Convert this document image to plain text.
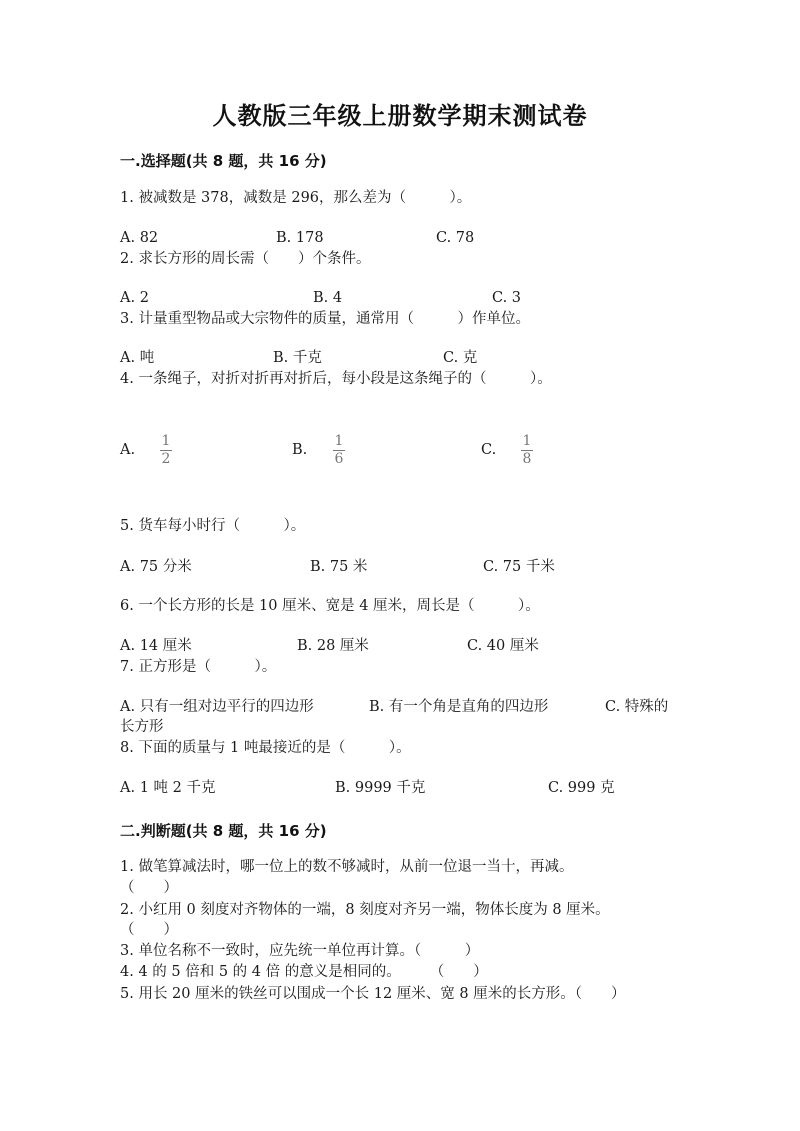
人教版三年级上册数学期末测试卷
一.选择题(共 8 题，共 16 分)
1. 被减数是 378，减数是 296，那么差为（　　　）。
A. 82	B. 178	C. 78
2. 求长方形的周长需（　　）个条件。
A. 2	B. 4	C. 3
3. 计量重型物品或大宗物件的质量，通常用（　　　）作单位。
A. 吨	B. 千克	C. 克
4. 一条绳子，对折对折再对折后，每小段是这条绳子的（　　　）。
A.
1
2
B.
1
6
C.
1
8
5. 货车每小时行（　　　）。
A. 75 分米	B. 75 米	C. 75 千米
6. 一个长方形的长是 10 厘米、宽是 4 厘米，周长是（　　　）。
A. 14 厘米	B. 28 厘米	C. 40 厘米
7. 正方形是（　　　）。
A. 只有一组对边平行的四边形	B. 有一个角是直角的四边形	C. 特殊的
长方形
8. 下面的质量与 1 吨最接近的是（　　　）。
A. 1 吨 2 千克	B. 9999 千克	C. 999 克
二.判断题(共 8 题，共 16 分)
1. 做笔算减法时，哪一位上的数不够减时，从前一位退一当十，再减。
（　　）
2. 小红用 0 刻度对齐物体的一端，8 刻度对齐另一端，物体长度为 8 厘米。
（　　）
3. 单位名称不一致时，应先统一单位再计算。（　　　）
4. 4 的 5 倍和 5 的 4 倍 的意义是相同的。　　　（　　）
5. 用长 20 厘米的铁丝可以围成一个长 12 厘米、宽 8 厘米的长方形。（　　）
